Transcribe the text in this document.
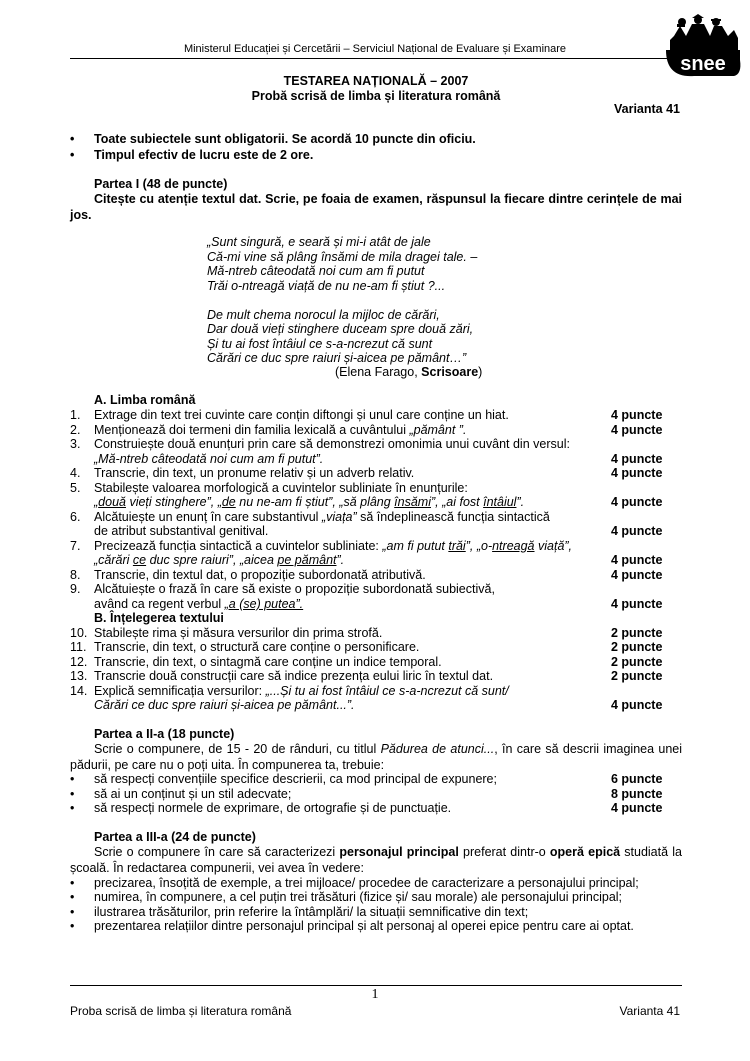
Ministerul Educației și Cercetării – Serviciul Național de Evaluare și Examinare
snee
TESTAREA NAȚIONALĂ – 2007
Probă scrisă de limba și literatura română
Varianta 41
• Toate subiectele sunt obligatorii. Se acordă 10 puncte din oficiu.
• Timpul efectiv de lucru este de 2 ore.
Partea I (48 de puncte)
Citește cu atenție textul dat. Scrie, pe foaia de examen, răspunsul la fiecare dintre cerințele de mai jos.
„Sunt singură, e seară și mi-i atât de jale
Că-mi vine să plâng însămi de mila dragei tale. –
Mă-ntreb câteodată noi cum am fi putut
Trăi o-ntreagă viață de nu ne-am fi știut ?...
De mult chema norocul la mijloc de cărări,
Dar două vieți stinghere duceam spre două zări,
Și tu ai fost întâiul ce s-a-ncrezut că sunt
Cărări ce duc spre raiuri și-aicea pe pământ…”
(Elena Farago, Scrisoare)
A. Limba română
1. Extrage din text trei cuvinte care conțin diftongi și unul care conține un hiat.	4 puncte
2. Menționează doi termeni din familia lexicală a cuvântului „pământ ”.	4 puncte
3. Construiește două enunțuri prin care să demonstrezi omonimia unui cuvânt din versul:
„Mă-ntreb câteodată noi cum am fi putut”.	4 puncte
4. Transcrie, din text, un pronume relativ și un adverb relativ.	4 puncte
5. Stabilește valoarea morfologică a cuvintelor subliniate în enunțurile:
„două vieți stinghere”, „de nu ne-am fi știut”, „să plâng însămi”, „ai fost întâiul”.	4 puncte
6. Alcătuiește un enunț în care substantivul „viața” să îndeplinească funcția sintactică
de atribut substantival genitival.	4 puncte
7. Precizează funcția sintactică a cuvintelor subliniate: „am fi putut trăi”, „o-ntreagă viață”,
„cărări ce duc spre raiuri”, „aicea pe pământ”.	4 puncte
8. Transcrie, din textul dat, o propoziție subordonată atributivă.	4 puncte
9. Alcătuiește o frază în care să existe o propoziție subordonată subiectivă,
având ca regent verbul „a (se) putea”.	4 puncte
B. Înțelegerea textului
10. Stabilește rima și măsura versurilor din prima strofă.	2 puncte
11. Transcrie, din text, o structură care conține o personificare.	2 puncte
12. Transcrie, din text, o sintagmă care conține un indice temporal.	2 puncte
13. Transcrie două construcții care să indice prezența eului liric în textul dat.	2 puncte
14. Explică semnificația versurilor: „...Și tu ai fost întâiul ce s-a-ncrezut că sunt/
Cărări ce duc spre raiuri și-aicea pe pământ...”.	4 puncte
Partea a II-a (18 puncte)
Scrie o compunere, de 15 - 20 de rânduri, cu titlul Pădurea de atunci..., în care să descrii imaginea unei pădurii, pe care nu o poți uita. În compunerea ta, trebuie:
• să respecți convențiile specifice descrierii, ca mod principal de expunere;	6 puncte
• să ai un conținut și un stil adecvate;	8 puncte
• să respecți normele de exprimare, de ortografie și de punctuație.	4 puncte
Partea a III-a (24 de puncte)
Scrie o compunere în care să caracterizezi personajul principal preferat dintr-o operă epică studiată la școală. În redactarea compunerii, vei avea în vedere:
• precizarea, însoțită de exemple, a trei mijloace/ procedee de caracterizare a personajului principal;
• numirea, în compunere, a cel puțin trei trăsături (fizice și/ sau morale) ale personajului principal;
• ilustrarea trăsăturilor, prin referire la întâmplări/ la situații semnificative din text;
• prezentarea relațiilor dintre personajul principal și alt personaj al operei epice pentru care ai optat.
1
Proba scrisă de limba și literatura română	Varianta 41
